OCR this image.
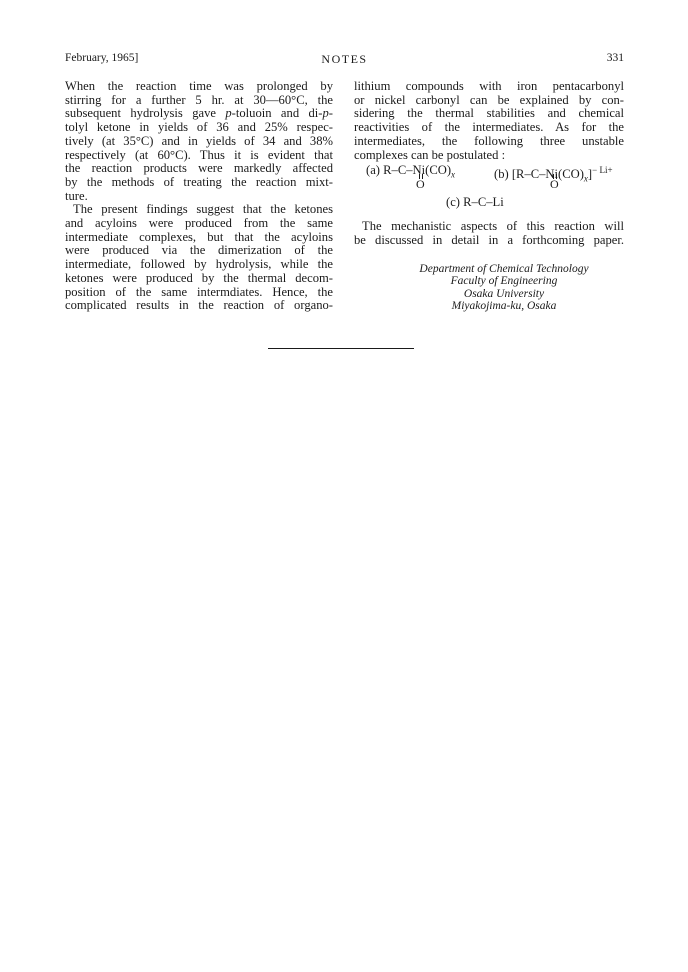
February, 1965]	NOTES	331
When the reaction time was prolonged by
stirring for a further 5 hr. at 30—60°C, the
subsequent hydrolysis gave p-toluoin and di-p-
tolyl ketone in yields of 36 and 25% respec-
tively (at 35°C) and in yields of 34 and 38%
respectively (at 60°C). Thus it is evident that
the reaction products were markedly affected
by the methods of treating the reaction mixt-
ture.
The present findings suggest that the ketones
and acyloins were produced from the same
intermediate complexes, but that the acyloins
were produced via the dimerization of the
intermediate, followed by hydrolysis, while the
ketones were produced by the thermal decom-
position of the same intermdiates. Hence, the
complicated results in the reaction of organo-
lithium compounds with iron pentacarbonyl
or nickel carbonyl can be explained by con-
sidering the thermal stabilities and chemical
reactivities of the intermediates. As for the
intermediates, the following three unstable
complexes can be postulated :
(a) $R-C-Ni(CO)_x$
O
(b) $[R-C-Ni(CO)_x]^{- Li+}$
O
(c) R–C–Li
The mechanistic aspects of this reaction will
be discussed in detail in a forthcoming paper.
Department of Chemical Technology
Faculty of Engineering
Osaka University
Miyakojima-ku, Osaka
